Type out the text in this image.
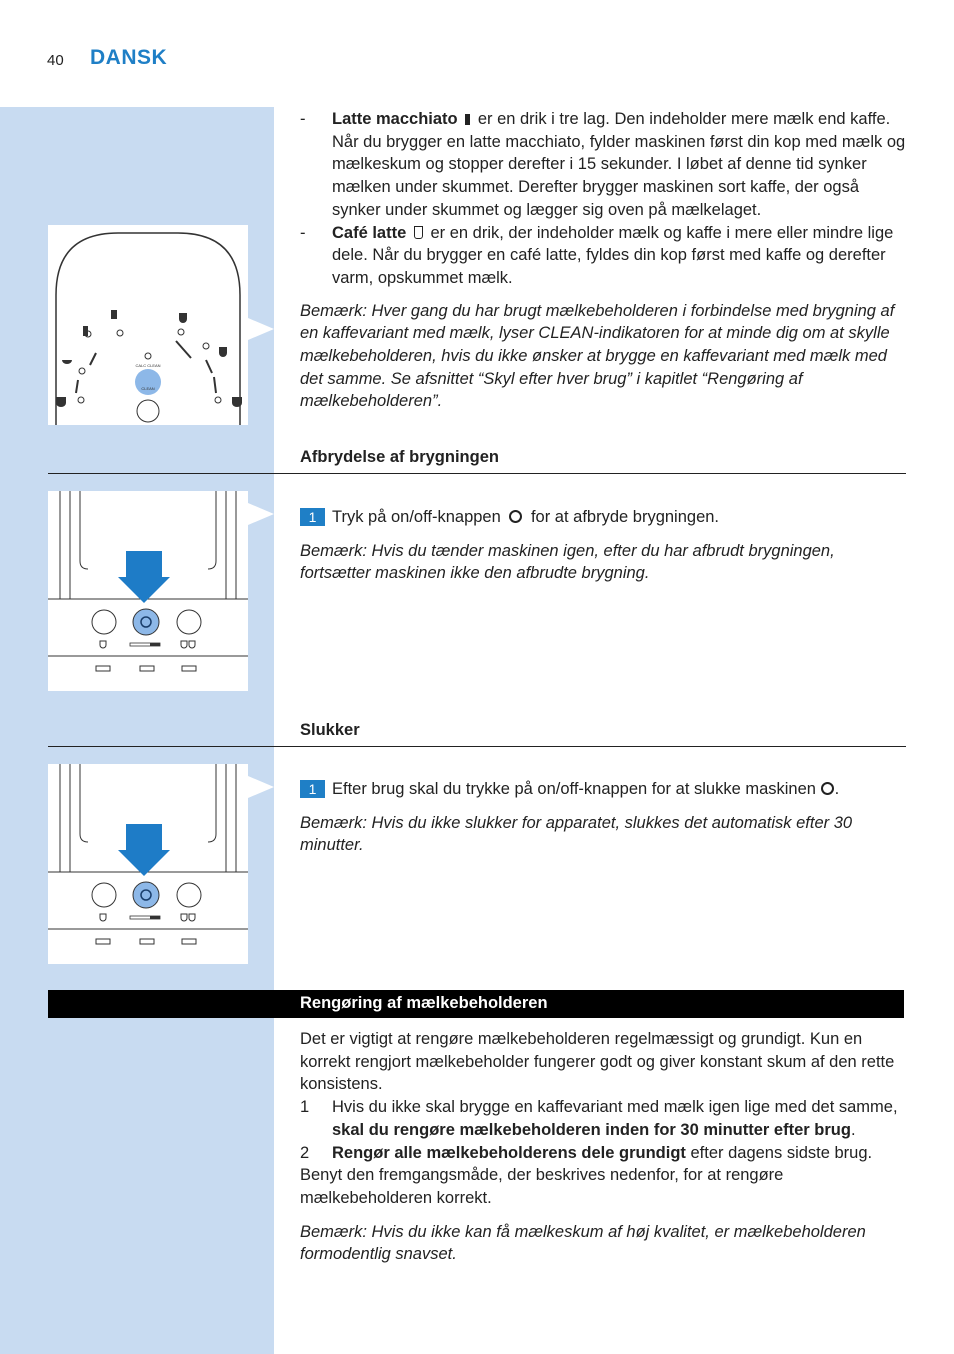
40 DANSK
CALC CLEAN
CLEAN
- Latte macchiato er en drik i tre lag. Den indeholder mere mælk end kaffe. Når du brygger en latte macchiato, fylder maskinen først din kop med mælk og mælkeskum og stopper derefter i 15 sekunder. I løbet af denne tid synker mælken under skummet. Derefter brygger maskinen sort kaffe, der også synker under skummet og lægger sig oven på mælkelaget.
- Café latte er en drik, der indeholder mælk og kaffe i mere eller mindre lige dele. Når du brygger en café latte, fyldes din kop først med kaffe og derefter varm, opskummet mælk.
Bemærk: Hver gang du har brugt mælkebeholderen i forbindelse med brygning af en kaffevariant med mælk, lyser CLEAN-indikatoren for at minde dig om at skylle mælkebeholderen, hvis du ikke ønsker at brygge en kaffevariant med mælk med det samme. Se afsnittet “Skyl efter hver brug” i kapitlet “Rengøring af mælkebeholderen”.
Afbrydelse af brygningen
1 Tryk på on/off-knappen for at afbryde brygningen.
Bemærk: Hvis du tænder maskinen igen, efter du har afbrudt brygningen, fortsætter maskinen ikke den afbrudte brygning.
Slukker
1 Efter brug skal du trykke på on/off-knappen for at slukke maskinen .
Bemærk: Hvis du ikke slukker for apparatet, slukkes det automatisk efter 30 minutter.
Rengøring af mælkebeholderen
Det er vigtigt at rengøre mælkebeholderen regelmæssigt og grundigt. Kun en korrekt rengjort mælkebeholder fungerer godt og giver konstant skum af den rette konsistens.
1 Hvis du ikke skal brygge en kaffevariant med mælk igen lige med det samme, skal du rengøre mælkebeholderen inden for 30 minutter efter brug.
2 Rengør alle mælkebeholderens dele grundigt efter dagens sidste brug.
Benyt den fremgangsmåde, der beskrives nedenfor, for at rengøre mælkebeholderen korrekt.
Bemærk: Hvis du ikke kan få mælkeskum af høj kvalitet, er mælkebeholderen formodentlig snavset.
